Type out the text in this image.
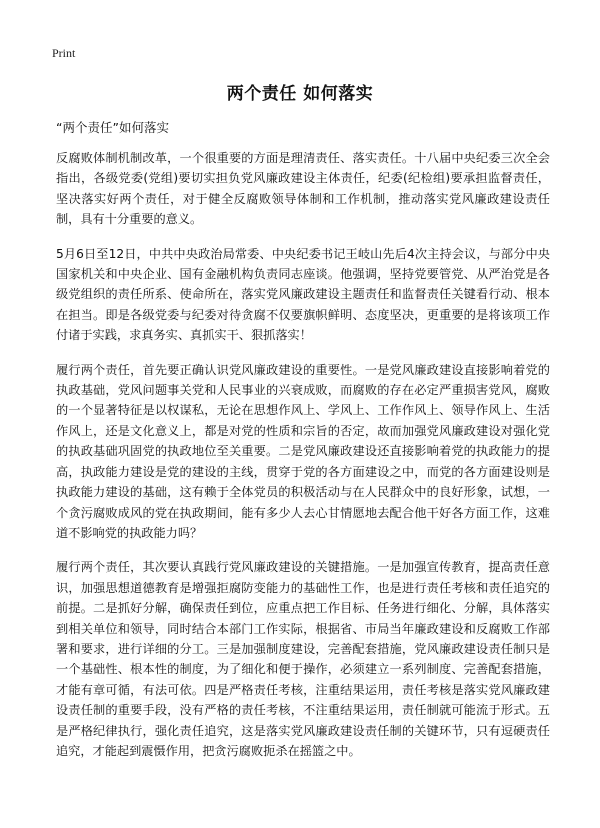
Print
两个责任 如何落实

“两个责任”如何落实

反腐败体制机制改革，一个很重要的方面是理清责任、落实责任。十八届中央纪委三次全会指出，各级党委(党组)要切实担负党风廉政建设主体责任，纪委(纪检组)要承担监督责任，坚决落实好两个责任，对于健全反腐败领导体制和工作机制，推动落实党风廉政建设责任制，具有十分重要的意义。

5月6日至12日，中共中央政治局常委、中央纪委书记王岐山先后4次主持会议，与部分中央国家机关和中央企业、国有金融机构负责同志座谈。他强调，坚持党要管党、从严治党是各级党组织的责任所系、使命所在，落实党风廉政建设主题责任和监督责任关键看行动、根本在担当。即是各级党委与纪委对待贪腐不仅要旗帜鲜明、态度坚决，更重要的是将该项工作付诸于实践，求真务实、真抓实干、狠抓落实！

履行两个责任，首先要正确认识党风廉政建设的重要性。一是党风廉政建设直接影响着党的执政基础，党风问题事关党和人民事业的兴衰成败，而腐败的存在必定严重损害党风，腐败的一个显著特征是以权谋私，无论在思想作风上、学风上、工作作风上、领导作风上、生活作风上，还是文化意义上，都是对党的性质和宗旨的否定，故而加强党风廉政建设对强化党的执政基础巩固党的执政地位至关重要。二是党风廉政建设还直接影响着党的执政能力的提高，执政能力建设是党的建设的主线，贯穿于党的各方面建设之中，而党的各方面建设则是执政能力建设的基础，这有赖于全体党员的积极活动与在人民群众中的良好形象，试想，一个贪污腐败成风的党在执政期间，能有多少人去心甘情愿地去配合他干好各方面工作，这难道不影响党的执政能力吗？

履行两个责任，其次要认真践行党风廉政建设的关键措施。一是加强宣传教育，提高责任意识，加强思想道德教育是增强拒腐防变能力的基础性工作，也是进行责任考核和责任追究的前提。二是抓好分解，确保责任到位，应重点把工作目标、任务进行细化、分解，具体落实到相关单位和领导，同时结合本部门工作实际，根据省、市局当年廉政建设和反腐败工作部署和要求，进行详细的分工。三是加强制度建设，完善配套措施，党风廉政建设责任制只是一个基础性、根本性的制度，为了细化和便于操作，必须建立一系列制度、完善配套措施，才能有章可循，有法可依。四是严格责任考核，注重结果运用，责任考核是落实党风廉政建设责任制的重要手段，没有严格的责任考核，不注重结果运用，责任制就可能流于形式。五是严格纪律执行，强化责任追究，这是落实党风廉政建设责任制的关键环节，只有逗硬责任追究，才能起到震慑作用，把贪污腐败扼杀在摇篮之中。
